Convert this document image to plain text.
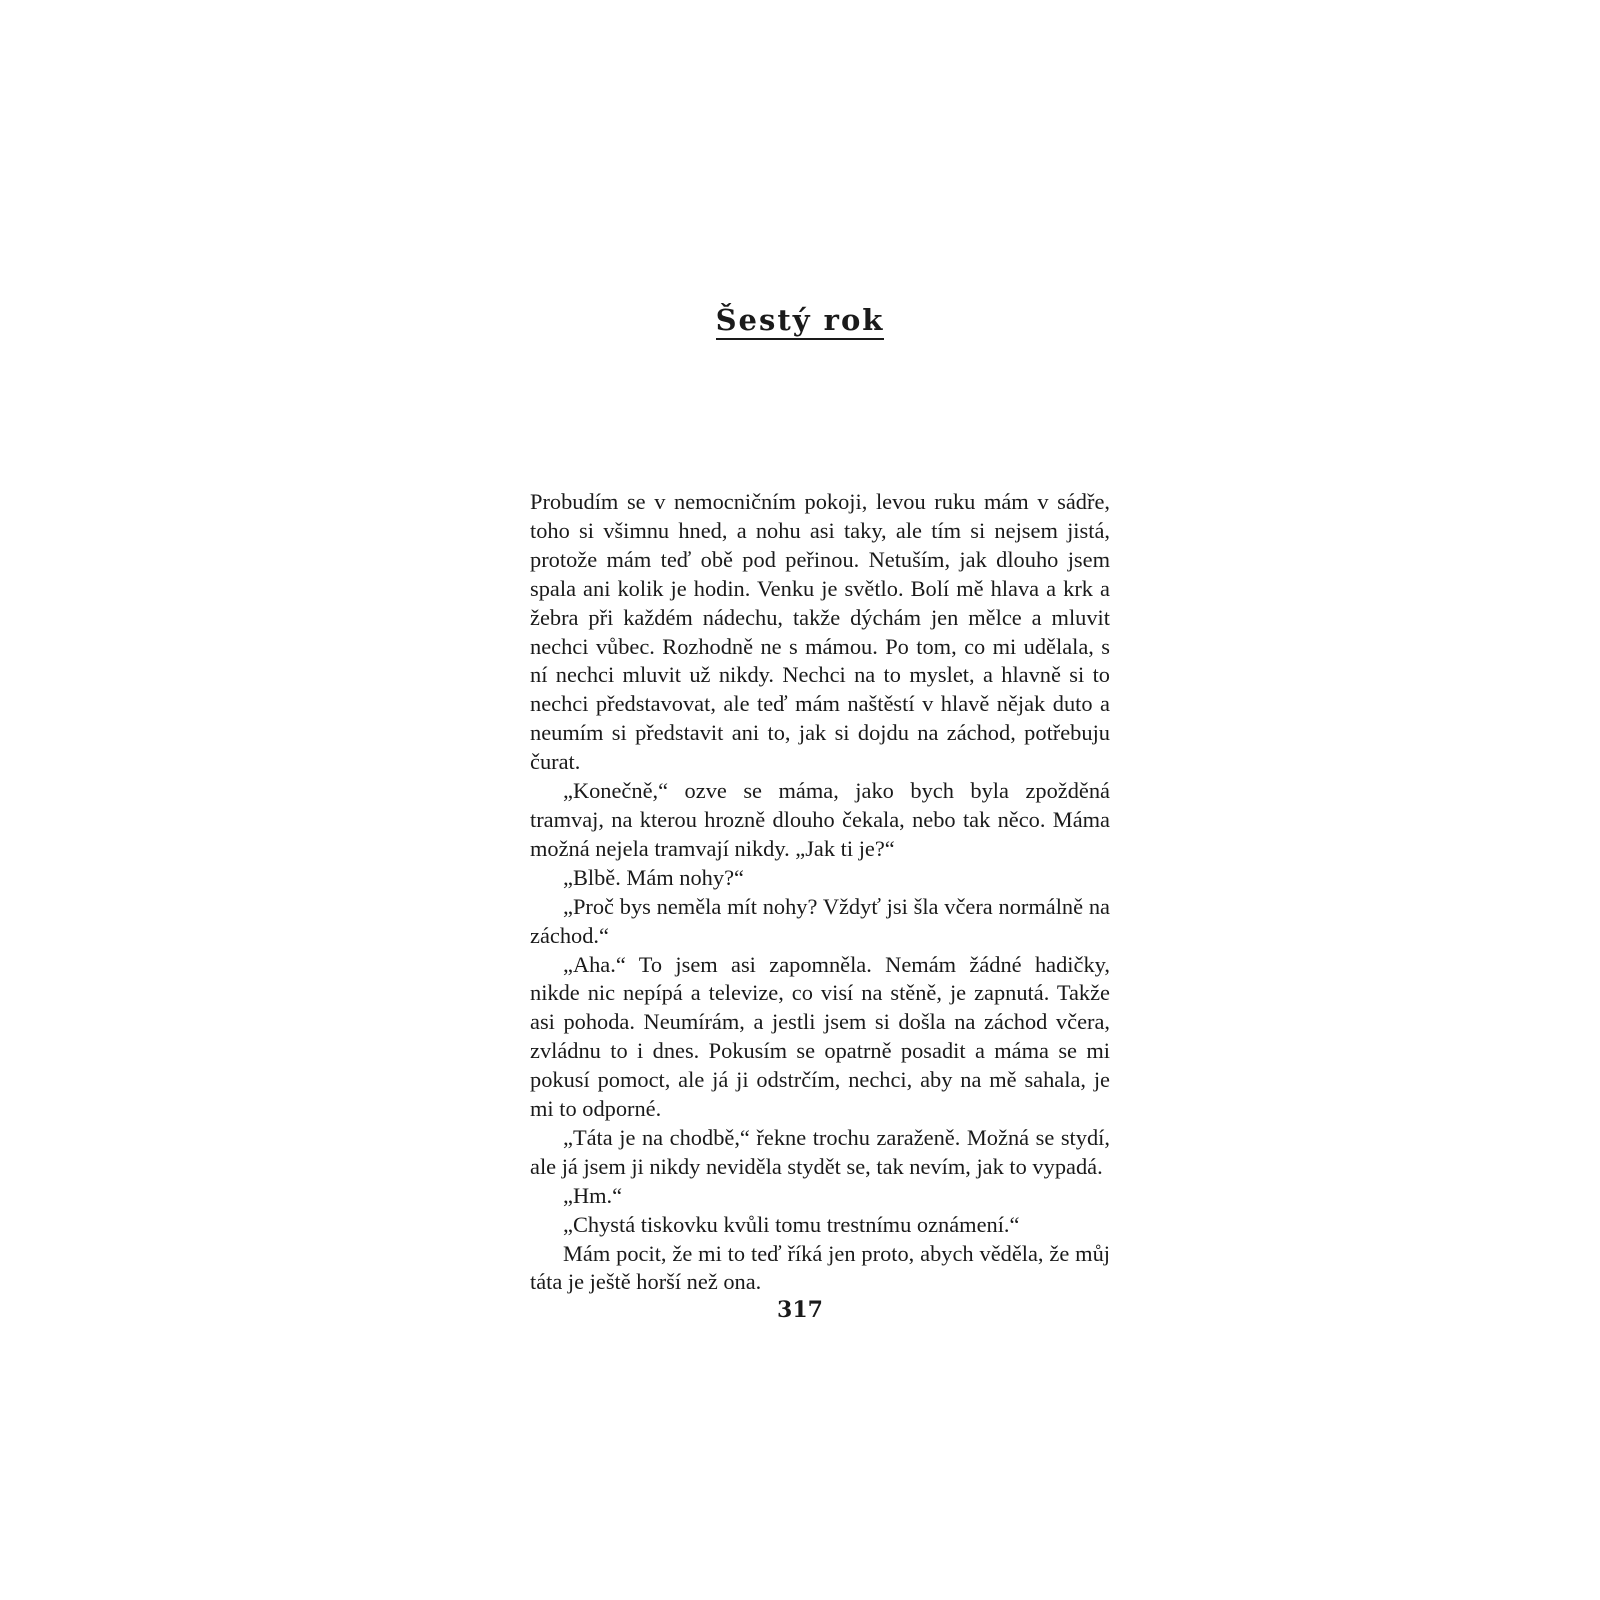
Šestý rok

Probudím se v nemocničním pokoji, levou ruku mám v sádře, toho si všimnu hned, a nohu asi taky, ale tím si nejsem jistá, protože mám teď obě pod peřinou. Netuším, jak dlouho jsem spala ani kolik je hodin. Venku je světlo. Bolí mě hlava a krk a žebra při každém nádechu, takže dýchám jen mělce a mluvit nechci vůbec. Rozhodně ne s mámou. Po tom, co mi udělala, s ní nechci mluvit už nikdy. Nechci na to myslet, a hlavně si to nechci představovat, ale teď mám naštěstí v hlavě nějak duto a neumím si představit ani to, jak si dojdu na záchod, potřebuju čurat.

„Konečně,“ ozve se máma, jako bych byla zpožděná tramvaj, na kterou hrozně dlouho čekala, nebo tak něco. Máma možná nejela tramvají nikdy. „Jak ti je?“

„Blbě. Mám nohy?“

„Proč bys neměla mít nohy? Vždyť jsi šla včera normálně na záchod.“

„Aha.“ To jsem asi zapomněla. Nemám žádné hadičky, nikde nic nepípá a televize, co visí na stěně, je zapnutá. Takže asi pohoda. Neumírám, a jestli jsem si došla na záchod včera, zvládnu to i dnes. Pokusím se opatrně posadit a máma se mi pokusí pomoct, ale já ji odstrčím, nechci, aby na mě sahala, je mi to odporné.

„Táta je na chodbě,“ řekne trochu zaraženě. Možná se stydí, ale já jsem ji nikdy neviděla stydět se, tak nevím, jak to vypadá.

„Hm.“

„Chystá tiskovku kvůli tomu trestnímu oznámení.“

Mám pocit, že mi to teď říká jen proto, abych věděla, že můj táta je ještě horší než ona.

317
